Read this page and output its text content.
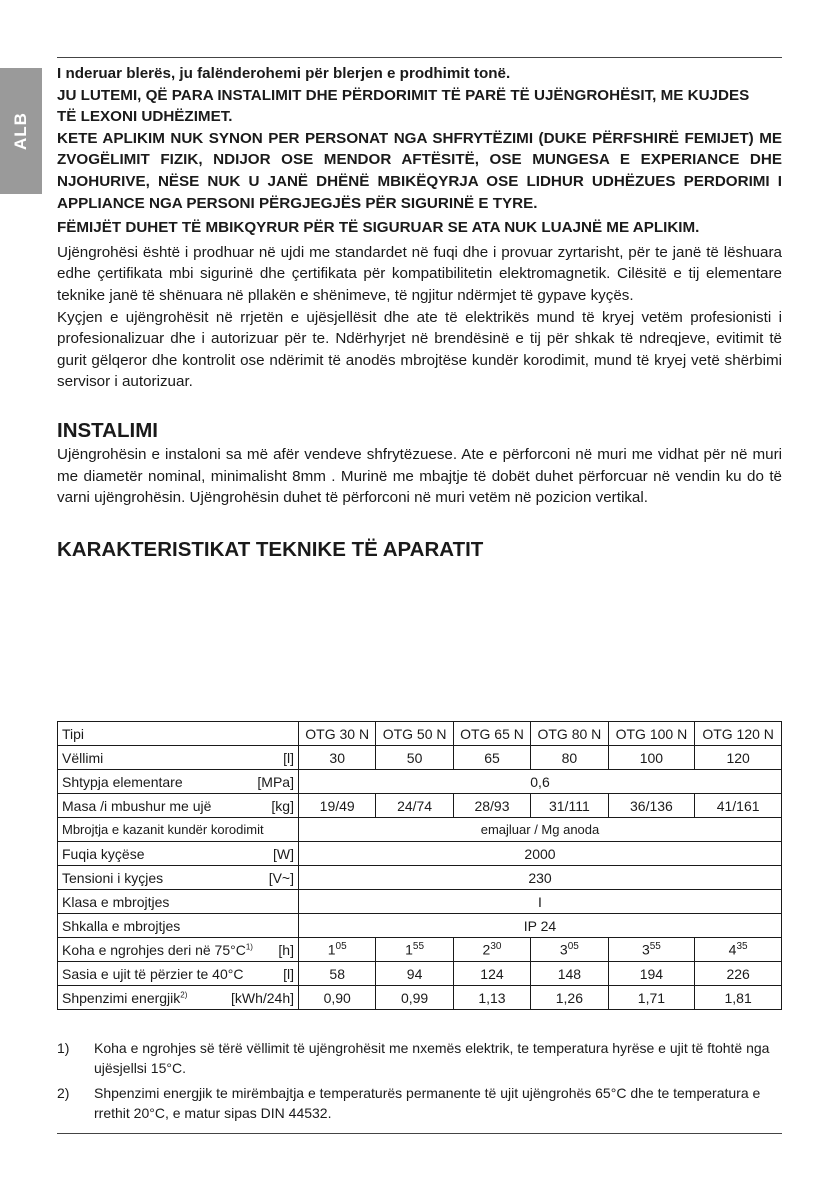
ALB

I nderuar blerës, ju falënderohemi për blerjen e prodhimit tonë.

JU LUTEMI, QË PARA INSTALIMIT DHE PËRDORIMIT TË PARË TË UJËNGROHËSIT, ME KUJDES TË LEXONI UDHËZIMET.

KETE APLIKIM NUK SYNON PER PERSONAT NGA SHFRYTËZIMI (DUKE PËRFSHIRË FEMIJET) ME ZVOGËLIMIT FIZIK, NDIJOR OSE MENDOR AFTËSITË, OSE MUNGESA E EXPERIANCE DHE NJOHURIVE, NËSE NUK U JANË DHËNË MBIKËQYRJA OSE LIDHUR UDHËZUES PERDORIMI I APPLIANCE NGA PERSONI PËRGJEGJËS PËR SIGURINË E TYRE.

FËMIJËT DUHET TË MBIKQYRUR PËR TË SIGURUAR SE ATA NUK LUAJNË ME APLIKIM.

Ujëngrohësi është i prodhuar në ujdi me standardet në fuqi dhe i provuar zyrtarisht, për te janë të lëshuara edhe çertifikata mbi sigurinë dhe çertifikata për kompatibilitetin elektromagnetik. Cilësitë e tij elementare teknike janë të shënuara në pllakën e shënimeve, të ngjitur ndërmjet të gypave kyçës.

Kyçjen e ujëngrohësit në rrjetën e ujësjellësit dhe ate të elektrikës mund të kryej vetëm profesionisti i profesionalizuar dhe i autorizuar për te. Ndërhyrjet në brendësinë e tij për shkak të ndreqjeve, evitimit të gurit gëlqeror dhe kontrolit ose ndërimit të anodës mbrojtëse kundër korodimit, mund të kryej vetë shërbimi servisor i autorizuar.

INSTALIMI

Ujëngrohësin e instaloni sa më afër vendeve shfrytëzuese. Ate e përforconi në muri me vidhat për në muri me diametër nominal, minimalisht 8mm . Murinë me mbajtje të dobët duhet përforcuar në vendin ku do të varni ujëngrohësin. Ujëngrohësin duhet të përforconi në muri vetëm në pozicion vertikal.

KARAKTERISTIKAT TEKNIKE TË APARATIT
Tipi	OTG 30 N	OTG 50 N	OTG 65 N	OTG 80 N	OTG 100 N	OTG 120 N

Vëllimi [l]	30	50	65	80	100	120

Shtypja elementare [MPa]	0,6					

Masa /i mbushur me ujë [kg]	19/49	24/74	28/93	31/111	36/136	41/161
Mbrojtja e kazanit kundër korodimit	emajluar / Mg anoda					

Fuqia kyçëse [W]	2000					

Tensioni i kyçjes [V~]	230					
Klasa e mbrojtjes	I					
Shkalla e mbrojtjes	IP 24					

Koha e ngrohjes deri në $75^\circ C^{1)}$ [h]	$1^{05}$	$1^{55}$	$2^{30}$	$3^{05}$	$3^{55}$	$4^{35}$

Sasia e ujit të përzier te 40°C [l]	58	94	124	148	194	226

Shpenzimi energjik$^{2)}$ [kWh/24h]	0,90	0,99	1,13	1,26	1,71	1,81
1) Koha e ngrohjes së tërë vëllimit të ujëngrohësit me nxemës elektrik, te temperatura hyrëse e ujit të ftohtë nga ujësjellsi 15°C.
2) Shpenzimi energjik te mirëmbajtja e temperaturës permanente të ujit ujëngrohës 65°C dhe te temperatura e rrethit 20°C, e matur sipas DIN 44532.
